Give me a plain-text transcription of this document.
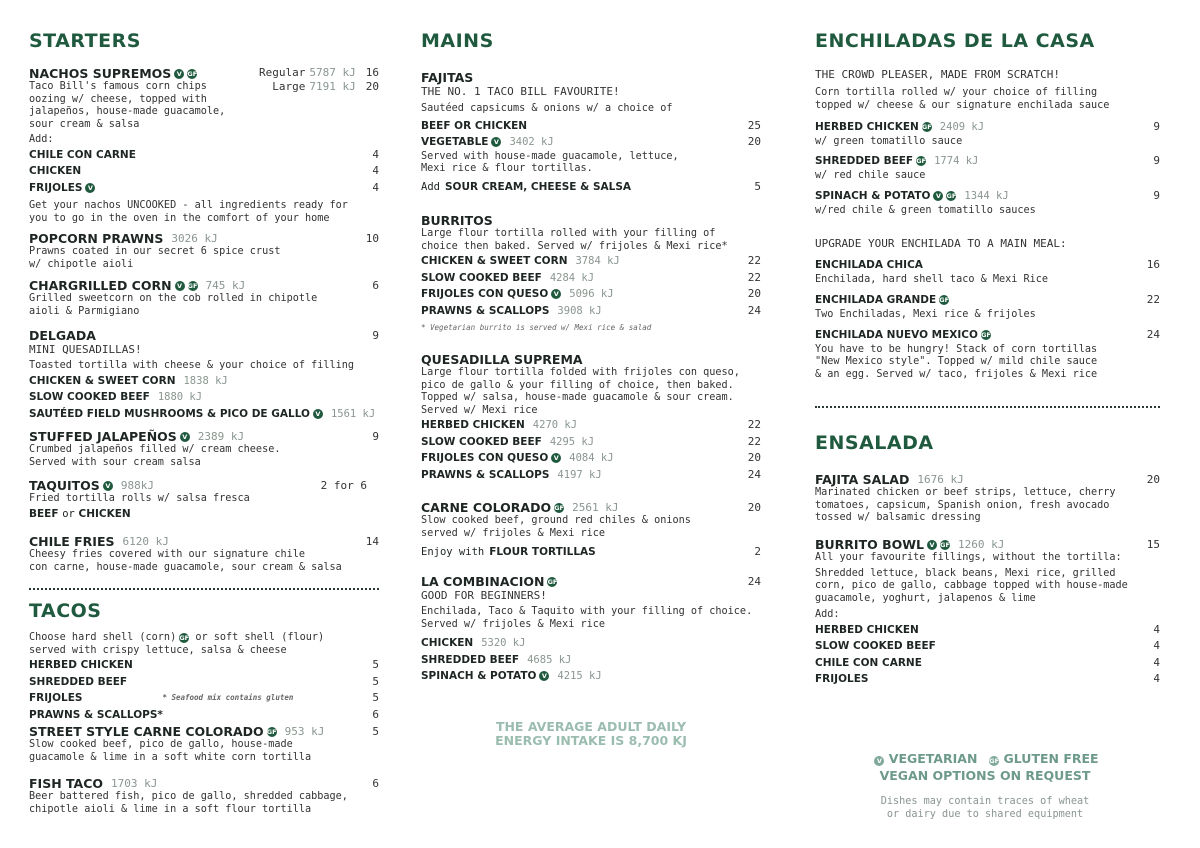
STARTERS
NACHOS SUPREMOS V GF	Regular 5787 kJ 16
Large 7191 kJ 20
Taco Bill's famous corn chips
oozing w/ cheese, topped with
jalapeños, house-made guacamole,
sour cream & salsa
Add:
CHILE CON CARNE	4
CHICKEN	4
FRIJOLES V	4
Get your nachos UNCOOKED - all ingredients ready for
you to go in the oven in the comfort of your home
POPCORN PRAWNS 3026 kJ	10
Prawns coated in our secret 6 spice crust
w/ chipotle aioli
CHARGRILLED CORN V GF 745 kJ	6
Grilled sweetcorn on the cob rolled in chipotle
aioli & Parmigiano
DELGADA	9
MINI QUESADILLAS!
Toasted tortilla with cheese & your choice of filling
CHICKEN & SWEET CORN 1838 kJ
SLOW COOKED BEEF 1880 kJ
SAUTÉED FIELD MUSHROOMS & PICO DE GALLO V 1561 kJ
STUFFED JALAPEÑOS V 2389 kJ	9
Crumbed jalapeños filled w/ cream cheese.
Served with sour cream salsa
TAQUITOS V 988kJ	2 for 6
Fried tortilla rolls w/ salsa fresca
BEEF
or
CHICKEN
CHILE FRIES 6120 kJ	14
Cheesy fries covered with our signature chile
con carne, house-made guacamole, sour cream & salsa
TACOS
Choose hard shell (corn) GF or soft shell (flour)
served with crispy lettuce, salsa & cheese
HERBED CHICKEN	5
SHREDDED BEEF	5
FRIJOLES	* Seafood mix contains gluten	5
PRAWNS & SCALLOPS*	6
STREET STYLE CARNE COLORADO GF 953 kJ	5
Slow cooked beef, pico de gallo, house-made
guacamole & lime in a soft white corn tortilla
FISH TACO 1703 kJ	6
Beer battered fish, pico de gallo, shredded cabbage,
chipotle aioli & lime in a soft flour tortilla
MAINS
FAJITAS
THE NO. 1 TACO BILL FAVOURITE!
Sautéed capsicums & onions w/ a choice of
BEEF OR CHICKEN	25
VEGETABLE V 3402 kJ	20
Served with house-made guacamole, lettuce,
Mexi rice & flour tortillas.
Add SOUR CREAM, CHEESE & SALSA	5
BURRITOS
Large flour tortilla rolled with your filling of
choice then baked. Served w/ frijoles & Mexi rice*
CHICKEN & SWEET CORN 3784 kJ	22
SLOW COOKED BEEF 4284 kJ	22
FRIJOLES CON QUESO V 5096 kJ	20
PRAWNS & SCALLOPS 3908 kJ	24
* Vegetarian burrito is served w/ Mexi rice & salad
QUESADILLA SUPREMA
Large flour tortilla folded with frijoles con queso,
pico de gallo & your filling of choice, then baked.
Topped w/ salsa, house-made guacamole & sour cream.
Served w/ Mexi rice
HERBED CHICKEN 4270 kJ	22
SLOW COOKED BEEF 4295 kJ	22
FRIJOLES CON QUESO V 4084 kJ	20
PRAWNS & SCALLOPS 4197 kJ	24
CARNE COLORADO GF 2561 kJ	20
Slow cooked beef, ground red chiles & onions
served w/ frijoles & Mexi rice
Enjoy with FLOUR TORTILLAS	2
LA COMBINACION GF	24
GOOD FOR BEGINNERS!
Enchilada, Taco & Taquito with your filling of choice.
Served w/ frijoles & Mexi rice
CHICKEN 5320 kJ
SHREDDED BEEF 4685 kJ
SPINACH & POTATO V 4215 kJ
THE AVERAGE ADULT DAILY
ENERGY INTAKE IS 8,700 KJ
ENCHILADAS DE LA CASA
THE CROWD PLEASER, MADE FROM SCRATCH!
Corn tortilla rolled w/ your choice of filling
topped w/ cheese & our signature enchilada sauce
HERBED CHICKEN GF 2409 kJ	9
w/ green tomatillo sauce
SHREDDED BEEF GF 1774 kJ	9
w/ red chile sauce
SPINACH & POTATO V GF 1344 kJ	9
w/red chile & green tomatillo sauces
UPGRADE YOUR ENCHILADA TO A MAIN MEAL:
ENCHILADA CHICA	16
Enchilada, hard shell taco & Mexi Rice
ENCHILADA GRANDE GF	22
Two Enchiladas, Mexi rice & frijoles
ENCHILADA NUEVO MEXICO GF	24
You have to be hungry! Stack of corn tortillas
"New Mexico style". Topped w/ mild chile sauce
& an egg. Served w/ taco, frijoles & Mexi rice
ENSALADA
FAJITA SALAD 1676 kJ	20
Marinated chicken or beef strips, lettuce, cherry
tomatoes, capsicum, Spanish onion, fresh avocado
tossed w/ balsamic dressing
BURRITO BOWL V GF 1260 kJ	15
All your favourite fillings, without the tortilla:
Shredded lettuce, black beans, Mexi rice, grilled
corn, pico de gallo, cabbage topped with house-made
guacamole, yoghurt, jalapenos & lime
Add:
HERBED CHICKEN	4
SLOW COOKED BEEF	4
CHILE CON CARNE	4
FRIJOLES	4
V VEGETARIAN GF GLUTEN FREE
VEGAN OPTIONS ON REQUEST
Dishes may contain traces of wheat
or dairy due to shared equipment
